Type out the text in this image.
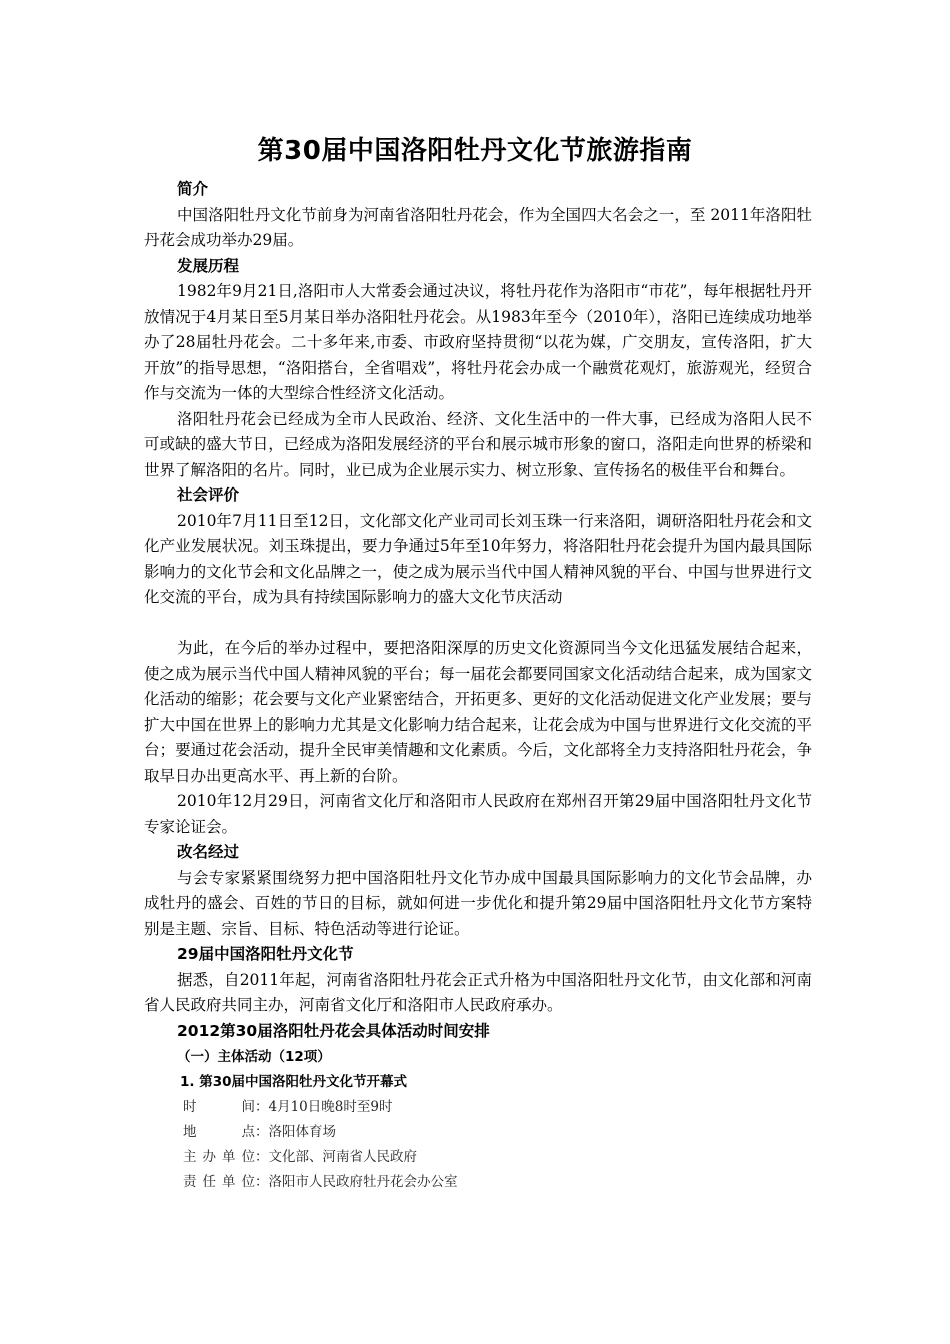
第30届中国洛阳牡丹文化节旅游指南

简介

中国洛阳牡丹文化节前身为河南省洛阳牡丹花会，作为全国四大名会之一，至 2011年洛阳牡丹花会成功举办29届。

发展历程

1982年9月21日,洛阳市人大常委会通过决议，将牡丹花作为洛阳市“市花”，每年根据牡丹开放情况于4月某日至5月某日举办洛阳牡丹花会。从1983年至今（2010年），洛阳已连续成功地举办了28届牡丹花会。二十多年来,市委、市政府坚持贯彻“以花为媒，广交朋友，宣传洛阳，扩大开放”的指导思想，“洛阳搭台，全省唱戏”，将牡丹花会办成一个融赏花观灯，旅游观光，经贸合作与交流为一体的大型综合性经济文化活动。

洛阳牡丹花会已经成为全市人民政治、经济、文化生活中的一件大事，已经成为洛阳人民不可或缺的盛大节日，已经成为洛阳发展经济的平台和展示城市形象的窗口，洛阳走向世界的桥梁和世界了解洛阳的名片。同时，业已成为企业展示实力、树立形象、宣传扬名的极佳平台和舞台。

社会评价

2010年7月11日至12日，文化部文化产业司司长刘玉珠一行来洛阳，调研洛阳牡丹花会和文化产业发展状况。刘玉珠提出，要力争通过5年至10年努力，将洛阳牡丹花会提升为国内最具国际影响力的文化节会和文化品牌之一，使之成为展示当代中国人精神风貌的平台、中国与世界进行文化交流的平台，成为具有持续国际影响力的盛大文化节庆活动

为此，在今后的举办过程中，要把洛阳深厚的历史文化资源同当今文化迅猛发展结合起来，使之成为展示当代中国人精神风貌的平台；每一届花会都要同国家文化活动结合起来，成为国家文化活动的缩影；花会要与文化产业紧密结合，开拓更多、更好的文化活动促进文化产业发展；要与扩大中国在世界上的影响力尤其是文化影响力结合起来，让花会成为中国与世界进行文化交流的平台；要通过花会活动，提升全民审美情趣和文化素质。今后，文化部将全力支持洛阳牡丹花会，争取早日办出更高水平、再上新的台阶。

2010年12月29日，河南省文化厅和洛阳市人民政府在郑州召开第29届中国洛阳牡丹文化节专家论证会。

改名经过

与会专家紧紧围绕努力把中国洛阳牡丹文化节办成中国最具国际影响力的文化节会品牌，办成牡丹的盛会、百姓的节日的目标，就如何进一步优化和提升第29届中国洛阳牡丹文化节方案特别是主题、宗旨、目标、特色活动等进行论证。

29届中国洛阳牡丹文化节

据悉，自2011年起，河南省洛阳牡丹花会正式升格为中国洛阳牡丹文化节，由文化部和河南省人民政府共同主办，河南省文化厅和洛阳市人民政府承办。

2012第30届洛阳牡丹花会具体活动时间安排

（一）主体活动（12项）

1. 第30届中国洛阳牡丹文化节开幕式

时间：4月10日晚8时至9时

地点：洛阳体育场

主办单位：文化部、河南省人民政府

责任单位：洛阳市人民政府牡丹花会办公室
